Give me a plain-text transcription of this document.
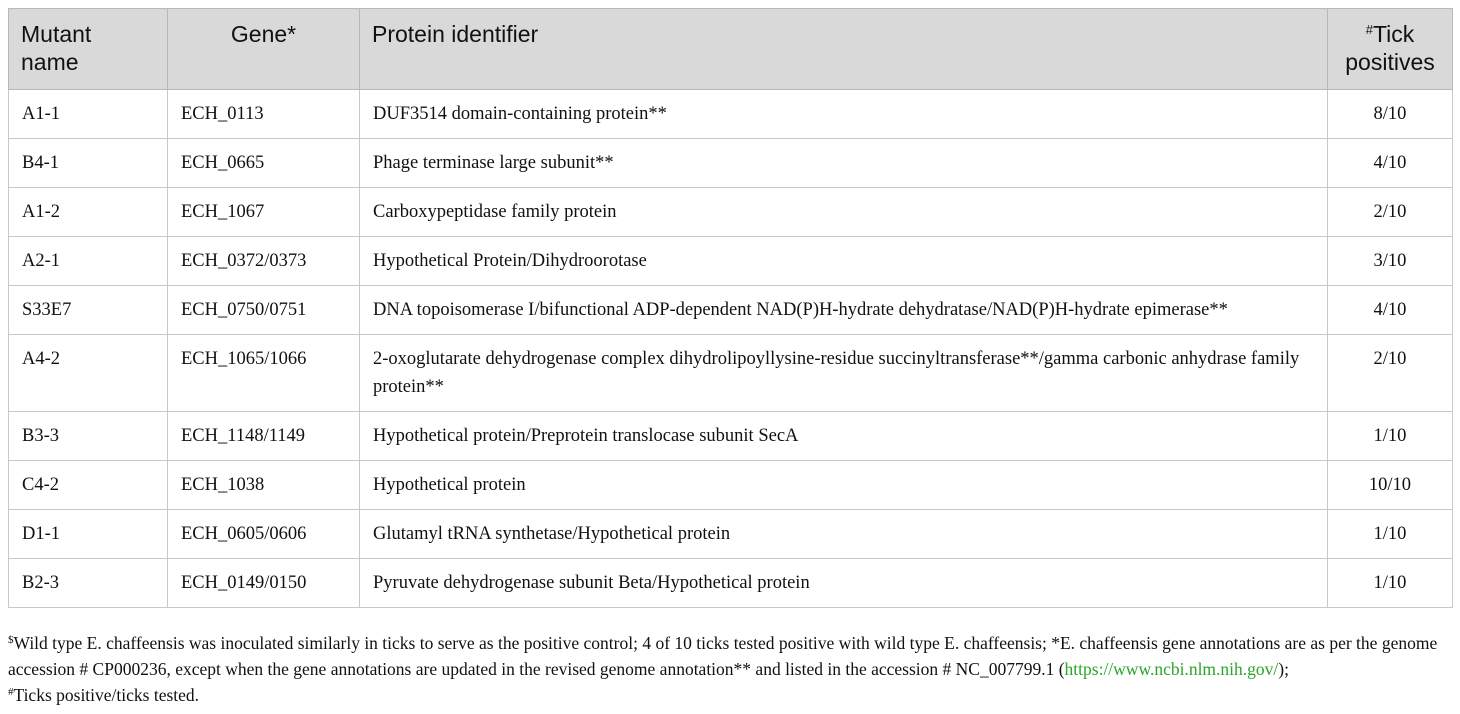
Mutant name	Gene*	Protein identifier	#Tick positives
A1-1	ECH_0113	DUF3514 domain-containing protein**	8/10
B4-1	ECH_0665	Phage terminase large subunit**	4/10
A1-2	ECH_1067	Carboxypeptidase family protein	2/10
A2-1	ECH_0372/0373	Hypothetical Protein/Dihydroorotase	3/10
S33E7	ECH_0750/0751	DNA topoisomerase I/bifunctional ADP-dependent NAD(P)H-hydrate dehydratase/NAD(P)H-hydrate epimerase**	4/10
A4-2	ECH_1065/1066	2-oxoglutarate dehydrogenase complex dihydrolipoyllysine-residue succinyltransferase**/gamma carbonic anhydrase family protein**	2/10
B3-3	ECH_1148/1149	Hypothetical protein/Preprotein translocase subunit SecA	1/10
C4-2	ECH_1038	Hypothetical protein	10/10
D1-1	ECH_0605/0606	Glutamyl tRNA synthetase/Hypothetical protein	1/10
B2-3	ECH_0149/0150	Pyruvate dehydrogenase subunit Beta/Hypothetical protein	1/10
$Wild type E. chaffeensis was inoculated similarly in ticks to serve as the positive control; 4 of 10 ticks tested positive with wild type E. chaffeensis; *E. chaffeensis gene annotations are as per the genome accession # CP000236, except when the gene annotations are updated in the revised genome annotation** and listed in the accession # NC_007799.1 (https://www.ncbi.nlm.nih.gov/);
#Ticks positive/ticks tested.
